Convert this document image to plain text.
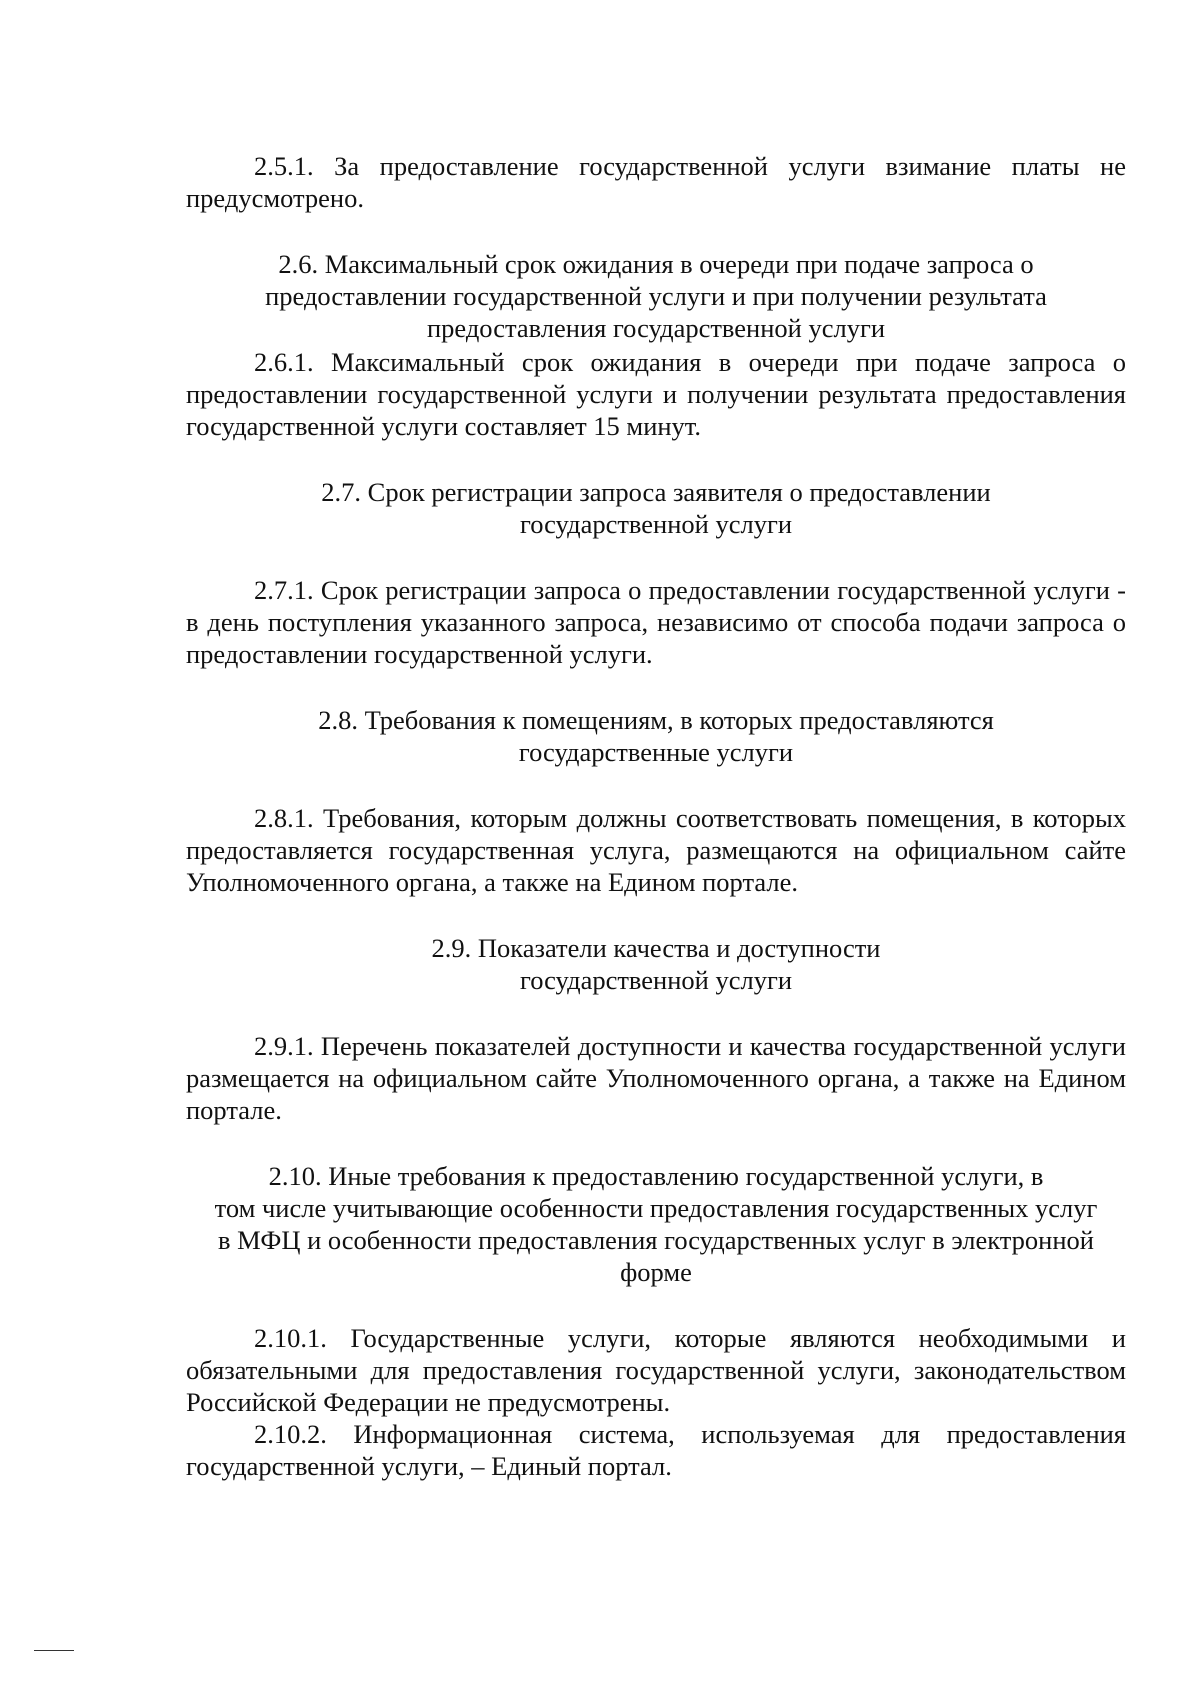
2.5.1. За предоставление государственной услуги взимание платы не предусмотрено.

2.6. Максимальный срок ожидания в очереди при подаче запроса о
предоставлении государственной услуги и при получении результата
предоставления государственной услуги

2.6.1. Максимальный срок ожидания в очереди при подаче запроса о предоставлении государственной услуги и получении результата предоставления государственной услуги составляет 15 минут.

2.7. Срок регистрации запроса заявителя о предоставлении
государственной услуги

2.7.1. Срок регистрации запроса о предоставлении государственной услуги - в день поступления указанного запроса, независимо от способа подачи запроса о предоставлении государственной услуги.

2.8. Требования к помещениям, в которых предоставляются
государственные услуги

2.8.1. Требования, которым должны соответствовать помещения, в которых предоставляется государственная услуга, размещаются на официальном сайте Уполномоченного органа, а также на Едином портале.

2.9. Показатели качества и доступности
государственной услуги

2.9.1. Перечень показателей доступности и качества государственной услуги размещается на официальном сайте Уполномоченного органа, а также на Едином портале.

2.10. Иные требования к предоставлению государственной услуги, в
том числе учитывающие особенности предоставления государственных услуг
в МФЦ и особенности предоставления государственных услуг в электронной
форме

2.10.1. Государственные услуги, которые являются необходимыми и обязательными для предоставления государственной услуги, законодательством Российской Федерации не предусмотрены.

2.10.2. Информационная система, используемая для предоставления государственной услуги, – Единый портал.
